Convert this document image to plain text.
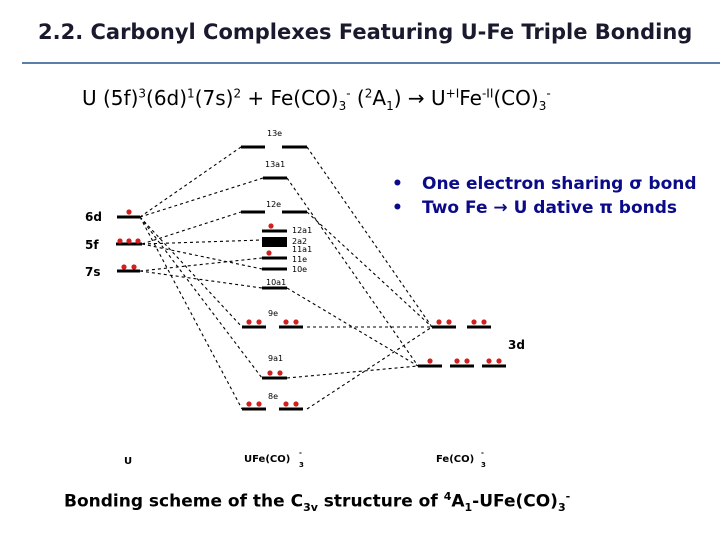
2.2. Carbonyl Complexes Featuring U-Fe Triple Bonding
U $(5f)^3(6d)^1(7s)^2 + Fe(CO)_3^-$ $(^2A_1) \to U^{+I}Fe^{-II}(CO)_3^-$
• One electron sharing σ bond
• Two Fe → U dative π bonds
6d
5f
7s
13e
13a1
12e
12a1
2a2
11a1
11e
10e
10a1
9e
9a1
8e
3d
U	UFe(CO) 3
-
Fe(CO) 3
-
Bonding scheme of the $C_{3v}$ structure of $^4A_1-UFe(CO)_3^-$
